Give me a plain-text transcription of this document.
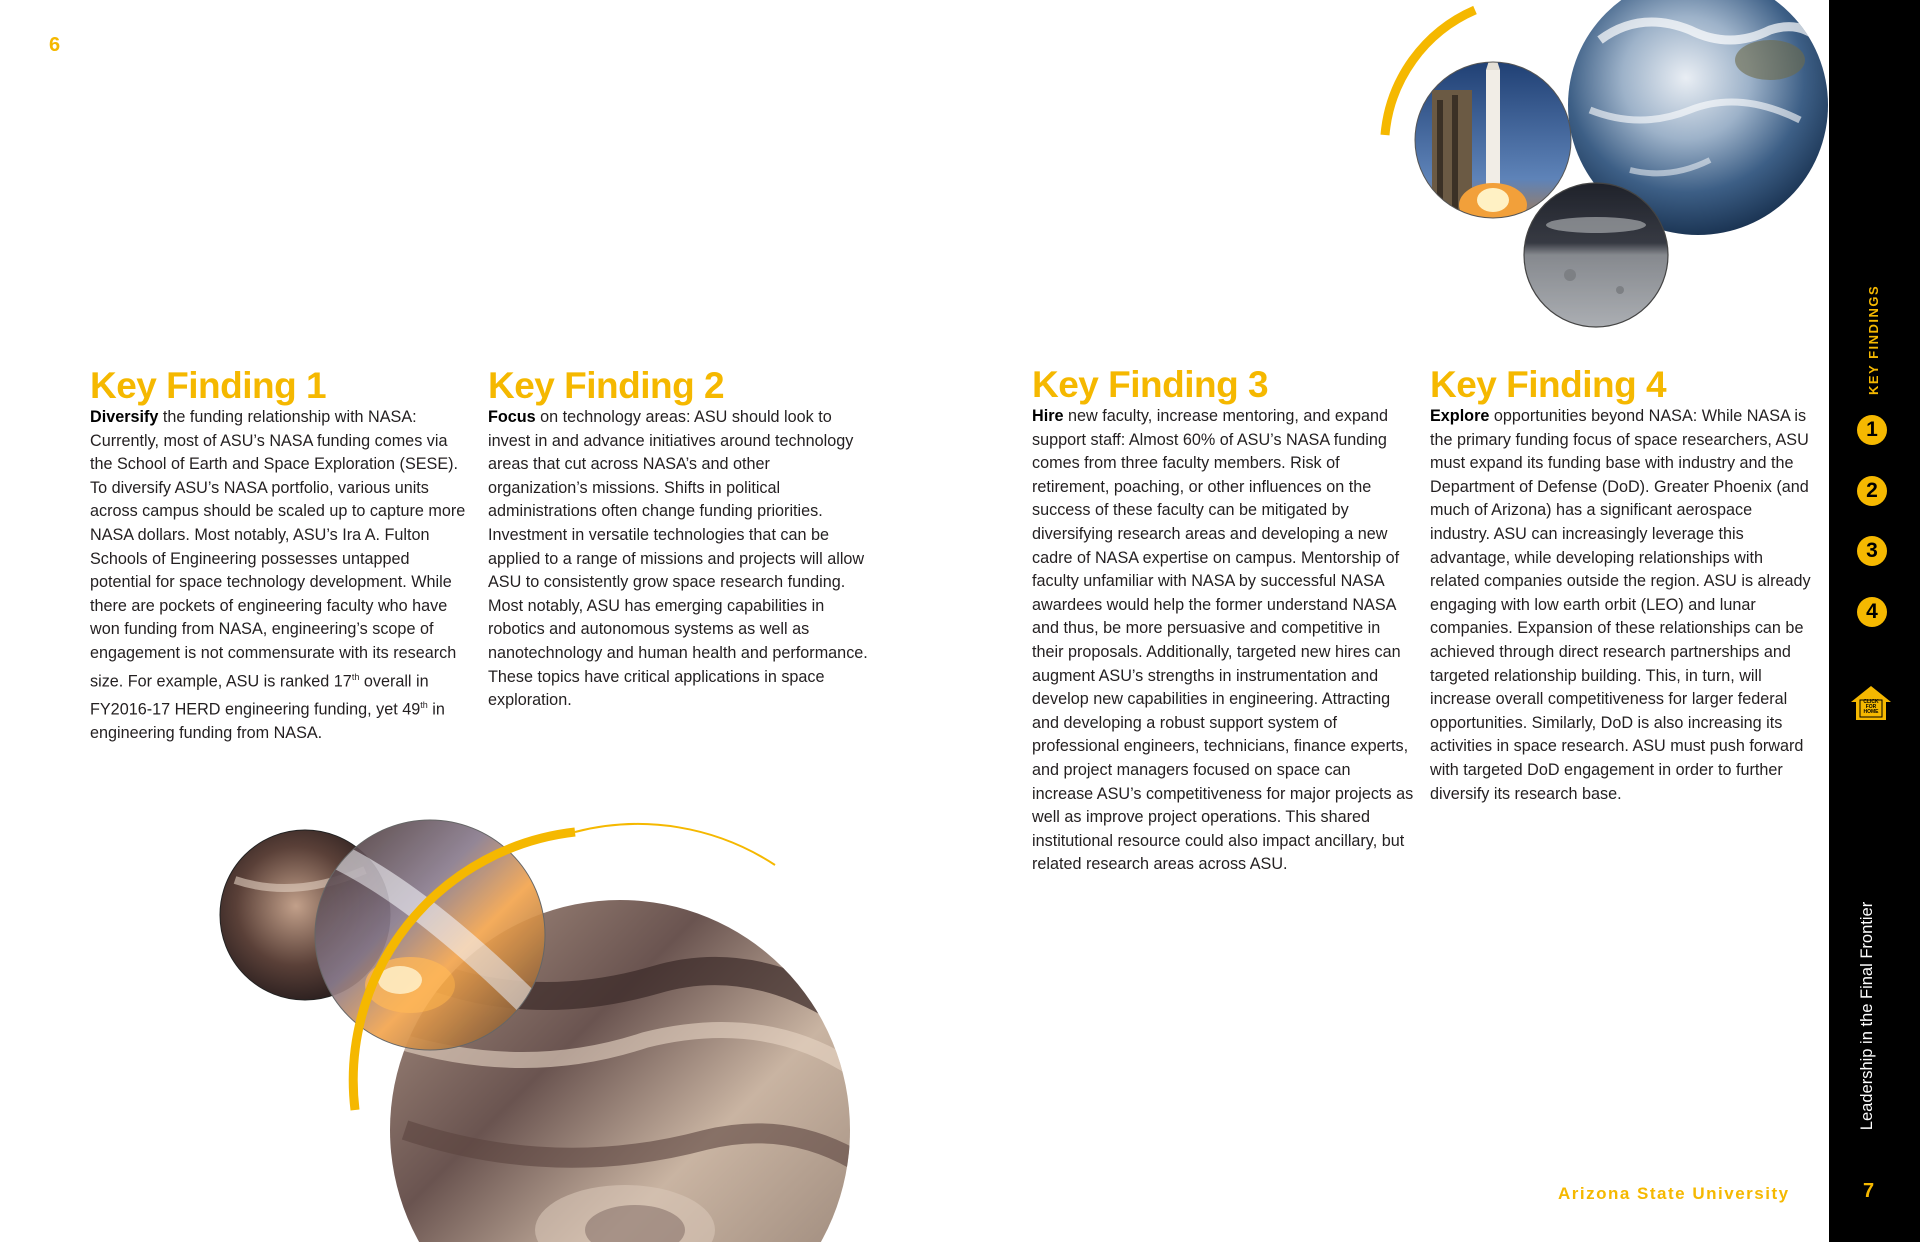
6
Key Finding 1

Diversify the funding relationship with NASA: Currently, most of ASU’s NASA funding comes via the School of Earth and Space Exploration (SESE). To diversify ASU’s NASA portfolio, various units across campus should be scaled up to capture more NASA dollars. Most notably, ASU’s Ira A. Fulton Schools of Engineering possesses untapped potential for space technology development. While there are pockets of engineering faculty who have won funding from NASA, engineering’s scope of engagement is not commensurate with its research size. For example, ASU is ranked 17th overall in FY2016-17 HERD engineering funding, yet 49th in engineering funding from NASA.

Key Finding 2

Focus on technology areas: ASU should look to invest in and advance initiatives around technology areas that cut across NASA’s and other organization’s missions. Shifts in political administrations often change funding priorities. Investment in versatile technologies that can be applied to a range of missions and projects will allow ASU to consistently grow space research funding. Most notably, ASU has emerging capabilities in robotics and autonomous systems as well as nanotechnology and human health and performance. These topics have critical applications in space exploration.

Key Finding 3

Hire new faculty, increase mentoring, and expand support staff: Almost 60% of ASU’s NASA funding comes from three faculty members. Risk of retirement, poaching, or other influences on the success of these faculty can be mitigated by diversifying research areas and developing a new cadre of NASA expertise on campus. Mentorship of faculty unfamiliar with NASA by successful NASA awardees would help the former understand NASA and thus, be more persuasive and competitive in their proposals. Additionally, targeted new hires can augment ASU’s strengths in instrumentation and develop new capabilities in engineering. Attracting and developing a robust support system of professional engineers, technicians, finance experts, and project managers focused on space can increase ASU’s competitiveness for major projects as well as improve project operations. This shared institutional resource could also impact ancillary, but related research areas across ASU.

Key Finding 4

Explore opportunities beyond NASA: While NASA is the primary funding focus of space researchers, ASU must expand its funding base with industry and the Department of Defense (DoD). Greater Phoenix (and much of Arizona) has a significant aerospace industry. ASU can increasingly leverage this advantage, while developing relationships with related companies outside the region. ASU is already engaging with low earth orbit (LEO) and lunar companies. Expansion of these relationships can be achieved through direct research partnerships and targeted relationship building. This, in turn, will increase overall competitiveness for larger federal opportunities. Similarly, DoD is also increasing its activities in space research. ASU must push forward with targeted DoD engagement in order to further diversify its research base.

Arizona State University
KEY FINDINGS
1
2
3
4
CLICK FOR HOME
Leadership in the Final Frontier
7
